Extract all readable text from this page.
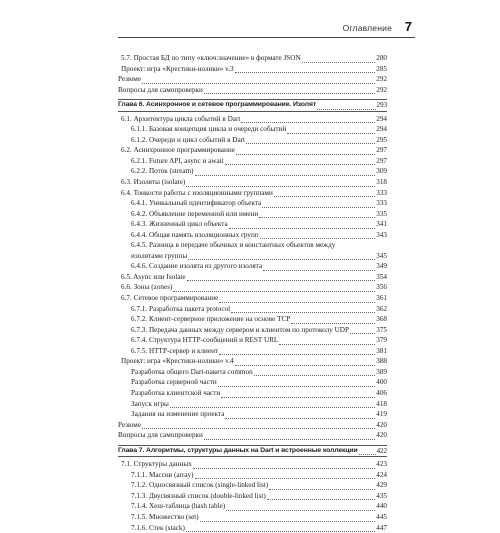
Оглавление 7
5.7. Простая БД по типу «ключ:значение» в формате JSON	280
Проект: игра «Крестики-нолики» v.3	285
Резюме	292
Вопросы для самопроверки	292
Глава 6. Асинхронное и сетевое программирование. Изолят	293
6.1. Архитектура цикла событий в Dart	294
6.1.1. Базовая концепция цикла и очереди событий	294
6.1.2. Очереди и цикл событий в Dart	295
6.2. Асинхронное программирование	297
6.2.1. Future API, async и await	297
6.2.2. Поток (stream)	309
6.3. Изоляты (isolate)	318
6.4. Тонкости работы с изоляционными группами	333
6.4.1. Уникальный идентификатор объекта	333
6.4.2. Объявление переменной или имени	335
6.4.3. Жизненный цикл объекта	341
6.4.4. Общая память изоляционных групп	343
6.4.5. Разница в передаче обычных и константных объектов между
изолятами группы	345
6.4.6. Создание изолята из другого изолята	349
6.5. Async или Isolate	354
6.6. Зоны (zones)	356
6.7. Сетевое программирование	361
6.7.1. Разработка пакета protocol	362
6.7.2. Клиент-серверное приложение на основе TCP	368
6.7.3. Передача данных между сервером и клиентом по протоколу UDP	375
6.7.4. Структура HTTP-сообщений и REST URL	379
6.7.5. HTTP-сервер и клиент	381
Проект: игра «Крестики-нолики» v.4	388
Разработка общего Dart-пакета common	389
Разработка серверной части	400
Разработка клиентской части	406
Запуск игры	418
Задания на изменение проекта	419
Резюме	420
Вопросы для самопроверки	420
Глава 7. Алгоритмы, структуры данных на Dart и встроенные коллекции	422
7.1. Структуры данных	423
7.1.1. Массив (array)	424
7.1.2. Односвязный список (single-linked list)	429
7.1.3. Двусвязный список (double-linked list)	435
7.1.4. Хеш-таблица (hash table)	440
7.1.5. Множество (set)	445
7.1.6. Стек (stack)	447
